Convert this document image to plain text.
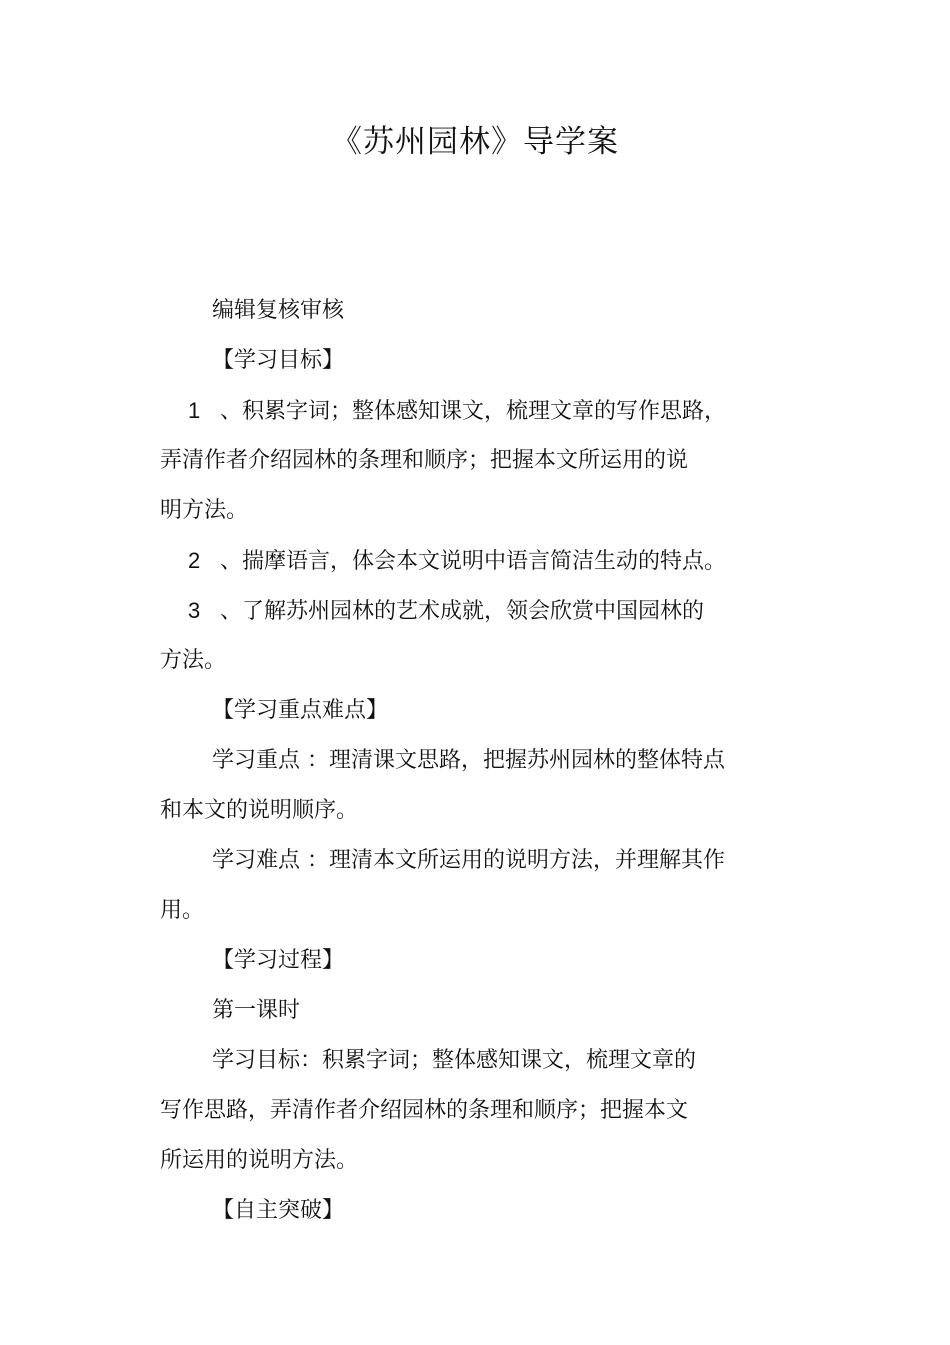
《苏州园林》导学案

编辑复核审核

【学习目标】

1 、积累字词；整体感知课文，梳理文章的写作思路，

弄清作者介绍园林的条理和顺序；把握本文所运用的说

明方法。

2 、揣摩语言，体会本文说明中语言简洁生动的特点。

3 、了解苏州园林的艺术成就，领会欣赏中国园林的

方法。

【学习重点难点】

学习重点 ：理清课文思路，把握苏州园林的整体特点

和本文的说明顺序。

学习难点 ：理清本文所运用的说明方法，并理解其作

用。

【学习过程】

第一课时

学习目标：积累字词；整体感知课文，梳理文章的

写作思路，弄清作者介绍园林的条理和顺序；把握本文

所运用的说明方法。

【自主突破】
